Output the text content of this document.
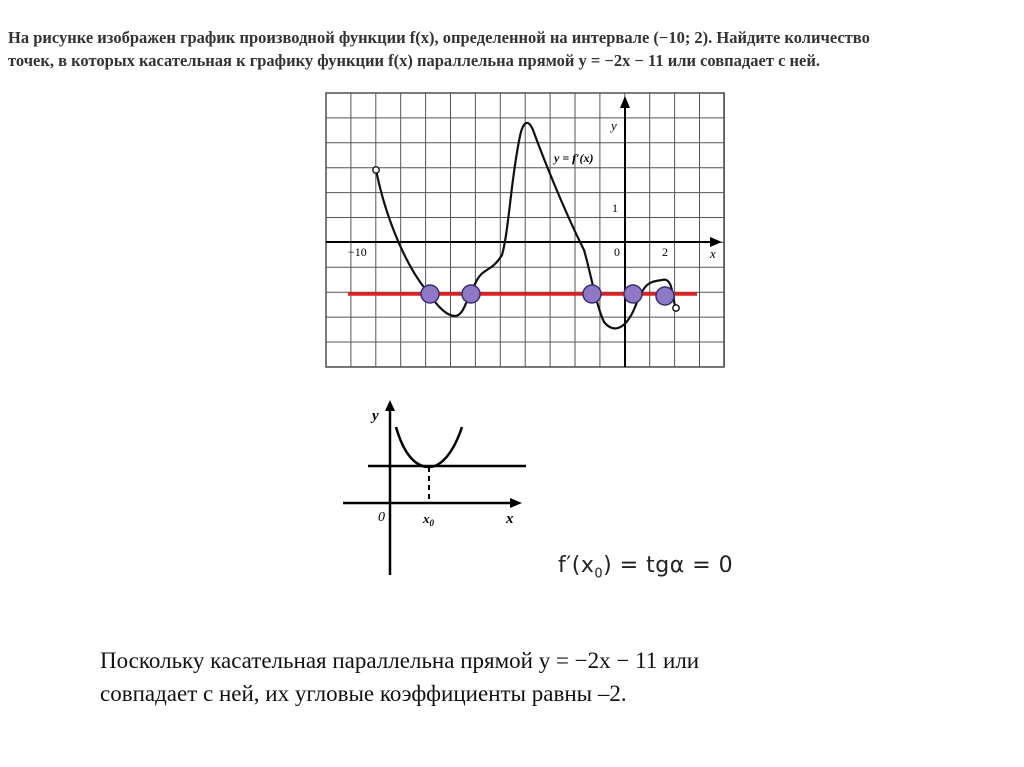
На рисунке изображен график производной функции f(x), определенной на интервале (−10; 2). Найдите количество
точек, в которых касательная к графику функции f(x) параллельна прямой y = −2x − 11 или совпадает с ней.
y
x
y = f′(x)
1
0	2
−10
y
x
0	$x_0$
$f'(x_0) = tg\alpha = 0$
Поскольку касательная параллельна прямой y = −2x − 11 или
совпадает с ней, их угловые коэффициенты равны –2.
